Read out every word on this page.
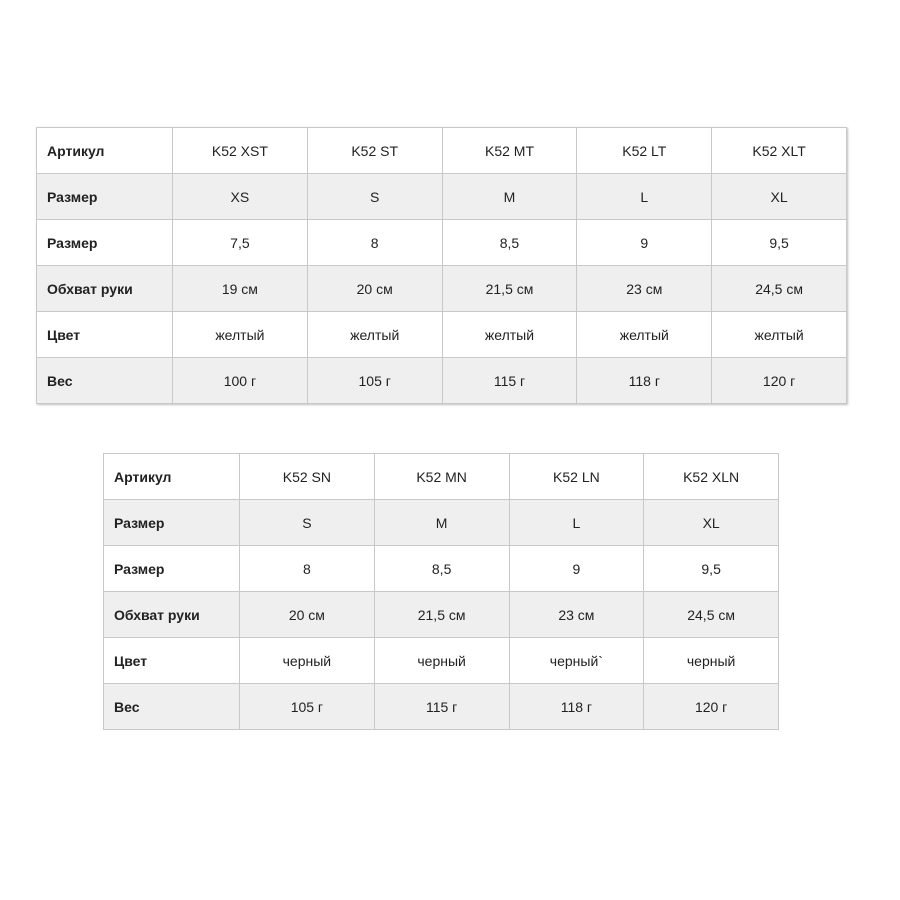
Артикул	K52 XST	K52 ST	K52 MT	K52 LT	K52 XLT
Размер	XS	S	M	L	XL
Размер	7,5	8	8,5	9	9,5
Обхват руки	19 см	20 см	21,5 см	23 см	24,5 см
Цвет	желтый	желтый	желтый	желтый	желтый
Вес	100 г	105 г	115 г	118 г	120 г
Артикул	K52 SN	K52 MN	K52 LN	K52 XLN
Размер	S	M	L	XL
Размер	8	8,5	9	9,5
Обхват руки	20 см	21,5 см	23 см	24,5 см
Цвет	черный	черный	черный`	черный
Вес	105 г	115 г	118 г	120 г
